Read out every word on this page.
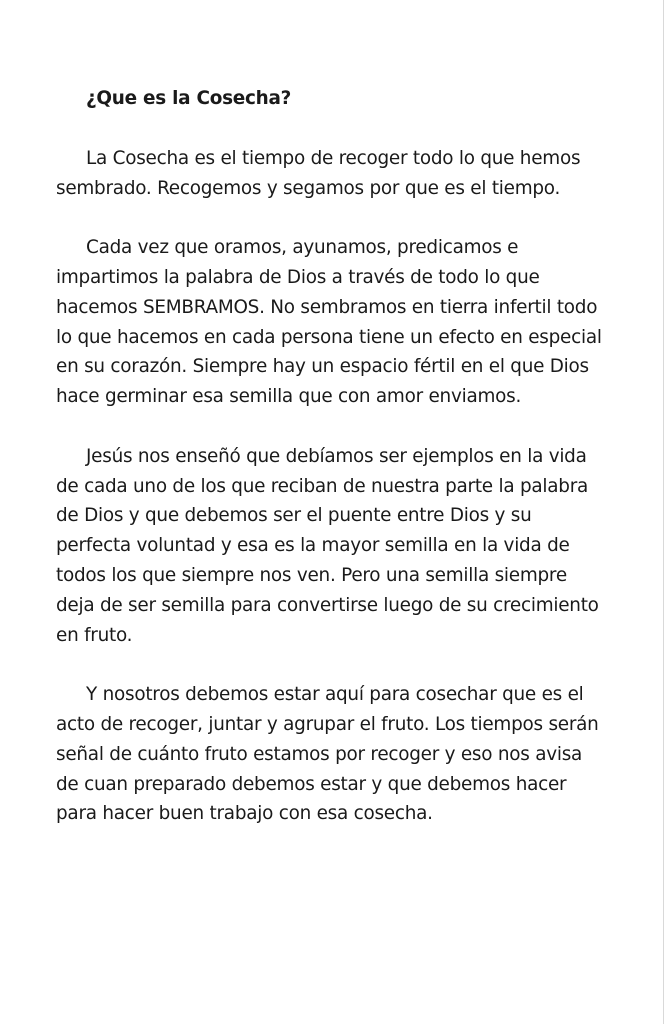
¿Que es la Cosecha?

La Cosecha es el tiempo de recoger todo lo que hemos sembrado. Recogemos y segamos por que es el tiempo.

Cada vez que oramos, ayunamos, predicamos e impartimos la palabra de Dios a través de todo lo que hacemos SEMBRAMOS. No sembramos en tierra infertil todo lo que hacemos en cada persona tiene un efecto en especial en su corazón. Siempre hay un espacio fértil en el que Dios hace germinar esa semilla que con amor enviamos.

Jesús nos enseñó que debíamos ser ejemplos en la vida de cada uno de los que reciban de nuestra parte la palabra de Dios y que debemos ser el puente entre Dios y su perfecta voluntad y esa es la mayor semilla en la vida de todos los que siempre nos ven. Pero una semilla siempre deja de ser semilla para convertirse luego de su crecimiento en fruto.

Y nosotros debemos estar aquí para cosechar que es el acto de recoger, juntar y agrupar el fruto. Los tiempos serán señal de cuánto fruto estamos por recoger y eso nos avisa de cuan preparado debemos estar y que debemos hacer para hacer buen trabajo con esa cosecha.
